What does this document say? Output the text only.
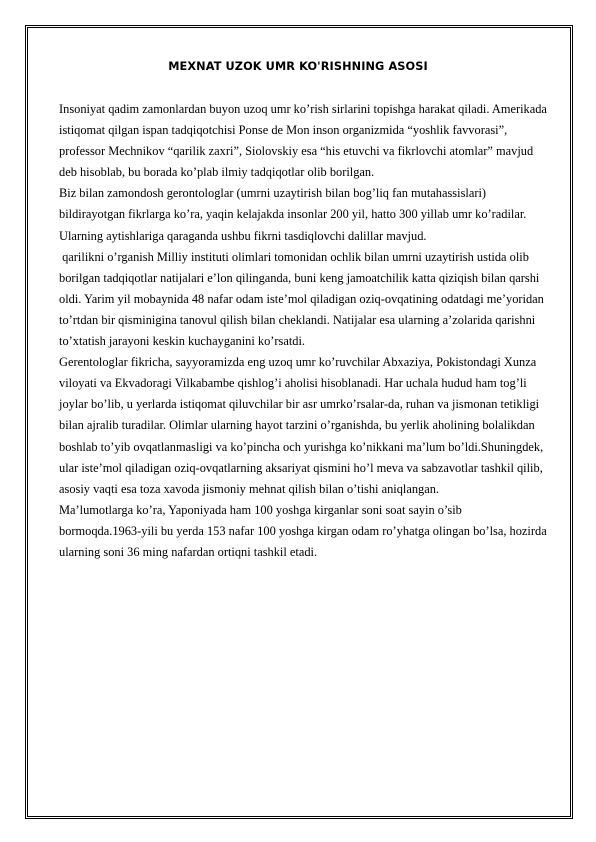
MEXNAT UZOK UMR KO'RISHNING ASOSI

Insoniyat qadim zamonlardan buyon uzoq umr ko’rish sirlarini topishga harakat qiladi. Amerikada istiqomat qilgan ispan tadqiqotchisi Ponse de Mon inson organizmida “yoshlik favvorasi”, professor Mechnikov “qarilik zaxri”, Siolovskiy esa “his etuvchi va fikrlovchi atomlar” mavjud deb hisoblab, bu borada ko’plab ilmiy tadqiqotlar olib borilgan.

Biz bilan zamondosh gerontologlar (umrni uzaytirish bilan bog’liq fan mutahassislari) bildirayotgan fikrlarga ko’ra, yaqin kelajakda insonlar 200 yil, hatto 300 yillab umr ko’radilar. Ularning aytishlariga qaraganda ushbu fikrni tasdiqlovchi dalillar mavjud.

qarilikni o’rganish Milliy instituti olimlari tomonidan ochlik bilan umrni uzaytirish ustida olib borilgan tadqiqotlar natijalari e’lon qilinganda, buni keng jamoatchilik katta qiziqish bilan qarshi oldi. Yarim yil mobaynida 48 nafar odam iste’mol qiladigan oziq-ovqatining odatdagi me’yoridan to’rtdan bir qisminigina tanovul qilish bilan cheklandi. Natijalar esa ularning a’zolarida qarishni to’xtatish jarayoni keskin kuchayganini ko’rsatdi.

Gerentologlar fikricha, sayyoramizda eng uzoq umr ko’ruvchilar Abxaziya, Pokistondagi Xunza viloyati va Ekvadoragi Vilkabambe qishlog’i aholisi hisoblanadi. Har uchala hudud ham tog’li joylar bo’lib, u yerlarda istiqomat qiluvchilar bir asr umrko’rsalar-da, ruhan va jismonan tetikligi bilan ajralib turadilar. Olimlar ularning hayot tarzini o’rganishda, bu yerlik aholining bolalikdan boshlab to’yib ovqatlanmasligi va ko’pincha och yurishga ko’nikkani ma’lum bo’ldi.Shuningdek, ular iste’mol qiladigan oziq-ovqatlarning aksariyat qismini ho’l meva va sabzavotlar tashkil qilib, asosiy vaqti esa toza xavoda jismoniy mehnat qilish bilan o’tishi aniqlangan.

Ma’lumotlarga ko’ra, Yaponiyada ham 100 yoshga kirganlar soni soat sayin o’sib bormoqda.1963-yili bu yerda 153 nafar 100 yoshga kirgan odam ro’yhatga olingan bo’lsa, hozirda ularning soni 36 ming nafardan ortiqni tashkil etadi.
